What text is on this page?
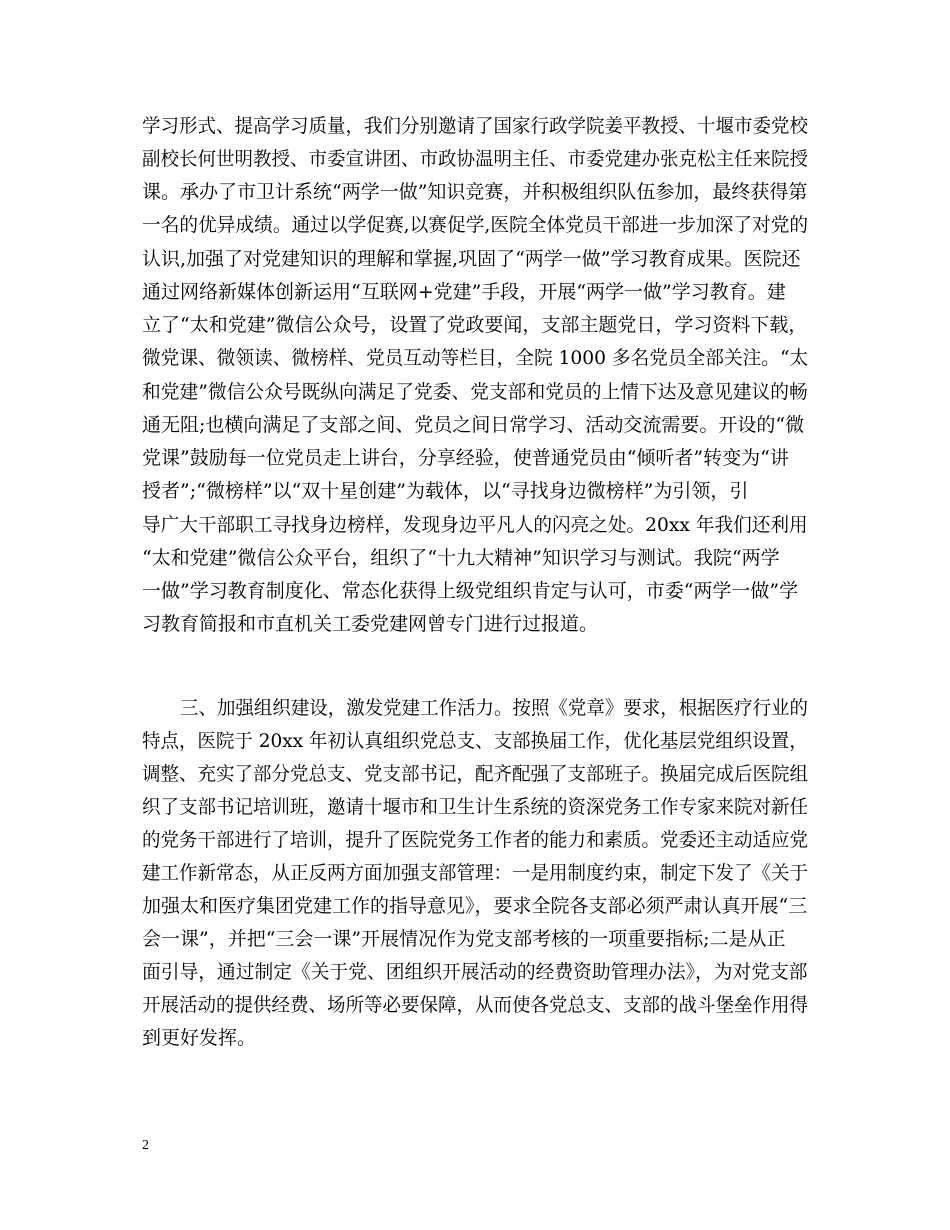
学习形式、提高学习质量，我们分别邀请了国家行政学院姜平教授、十堰市委党校
副校长何世明教授、市委宣讲团、市政协温明主任、市委党建办张克松主任来院授
课。承办了市卫计系统“两学一做”知识竞赛，并积极组织队伍参加，最终获得第
一名的优异成绩。通过以学促赛,以赛促学,医院全体党员干部进一步加深了对党的
认识,加强了对党建知识的理解和掌握,巩固了“两学一做”学习教育成果。医院还
通过网络新媒体创新运用“互联网+党建”手段，开展“两学一做”学习教育。建
立了“太和党建”微信公众号，设置了党政要闻，支部主题党日，学习资料下载，
微党课、微领读、微榜样、党员互动等栏目，全院 1000 多名党员全部关注。“太
和党建”微信公众号既纵向满足了党委、党支部和党员的上情下达及意见建议的畅
通无阻;也横向满足了支部之间、党员之间日常学习、活动交流需要。开设的“微
党课”鼓励每一位党员走上讲台，分享经验，使普通党员由“倾听者”转变为“讲
授者”;“微榜样”以“双十星创建”为载体，以“寻找身边微榜样”为引领，引
导广大干部职工寻找身边榜样，发现身边平凡人的闪亮之处。20xx 年我们还利用
“太和党建”微信公众平台，组织了“十九大精神”知识学习与测试。我院“两学
一做”学习教育制度化、常态化获得上级党组织肯定与认可，市委“两学一做”学
习教育简报和市直机关工委党建网曾专门进行过报道。
三、加强组织建设，激发党建工作活力。按照《党章》要求，根据医疗行业的
特点，医院于 20xx 年初认真组织党总支、支部换届工作，优化基层党组织设置，
调整、充实了部分党总支、党支部书记，配齐配强了支部班子。换届完成后医院组
织了支部书记培训班，邀请十堰市和卫生计生系统的资深党务工作专家来院对新任
的党务干部进行了培训，提升了医院党务工作者的能力和素质。党委还主动适应党
建工作新常态，从正反两方面加强支部管理：一是用制度约束，制定下发了《关于
加强太和医疗集团党建工作的指导意见》，要求全院各支部必须严肃认真开展“三
会一课”，并把“三会一课”开展情况作为党支部考核的一项重要指标;二是从正
面引导，通过制定《关于党、团组织开展活动的经费资助管理办法》，为对党支部
开展活动的提供经费、场所等必要保障，从而使各党总支、支部的战斗堡垒作用得
到更好发挥。
2
